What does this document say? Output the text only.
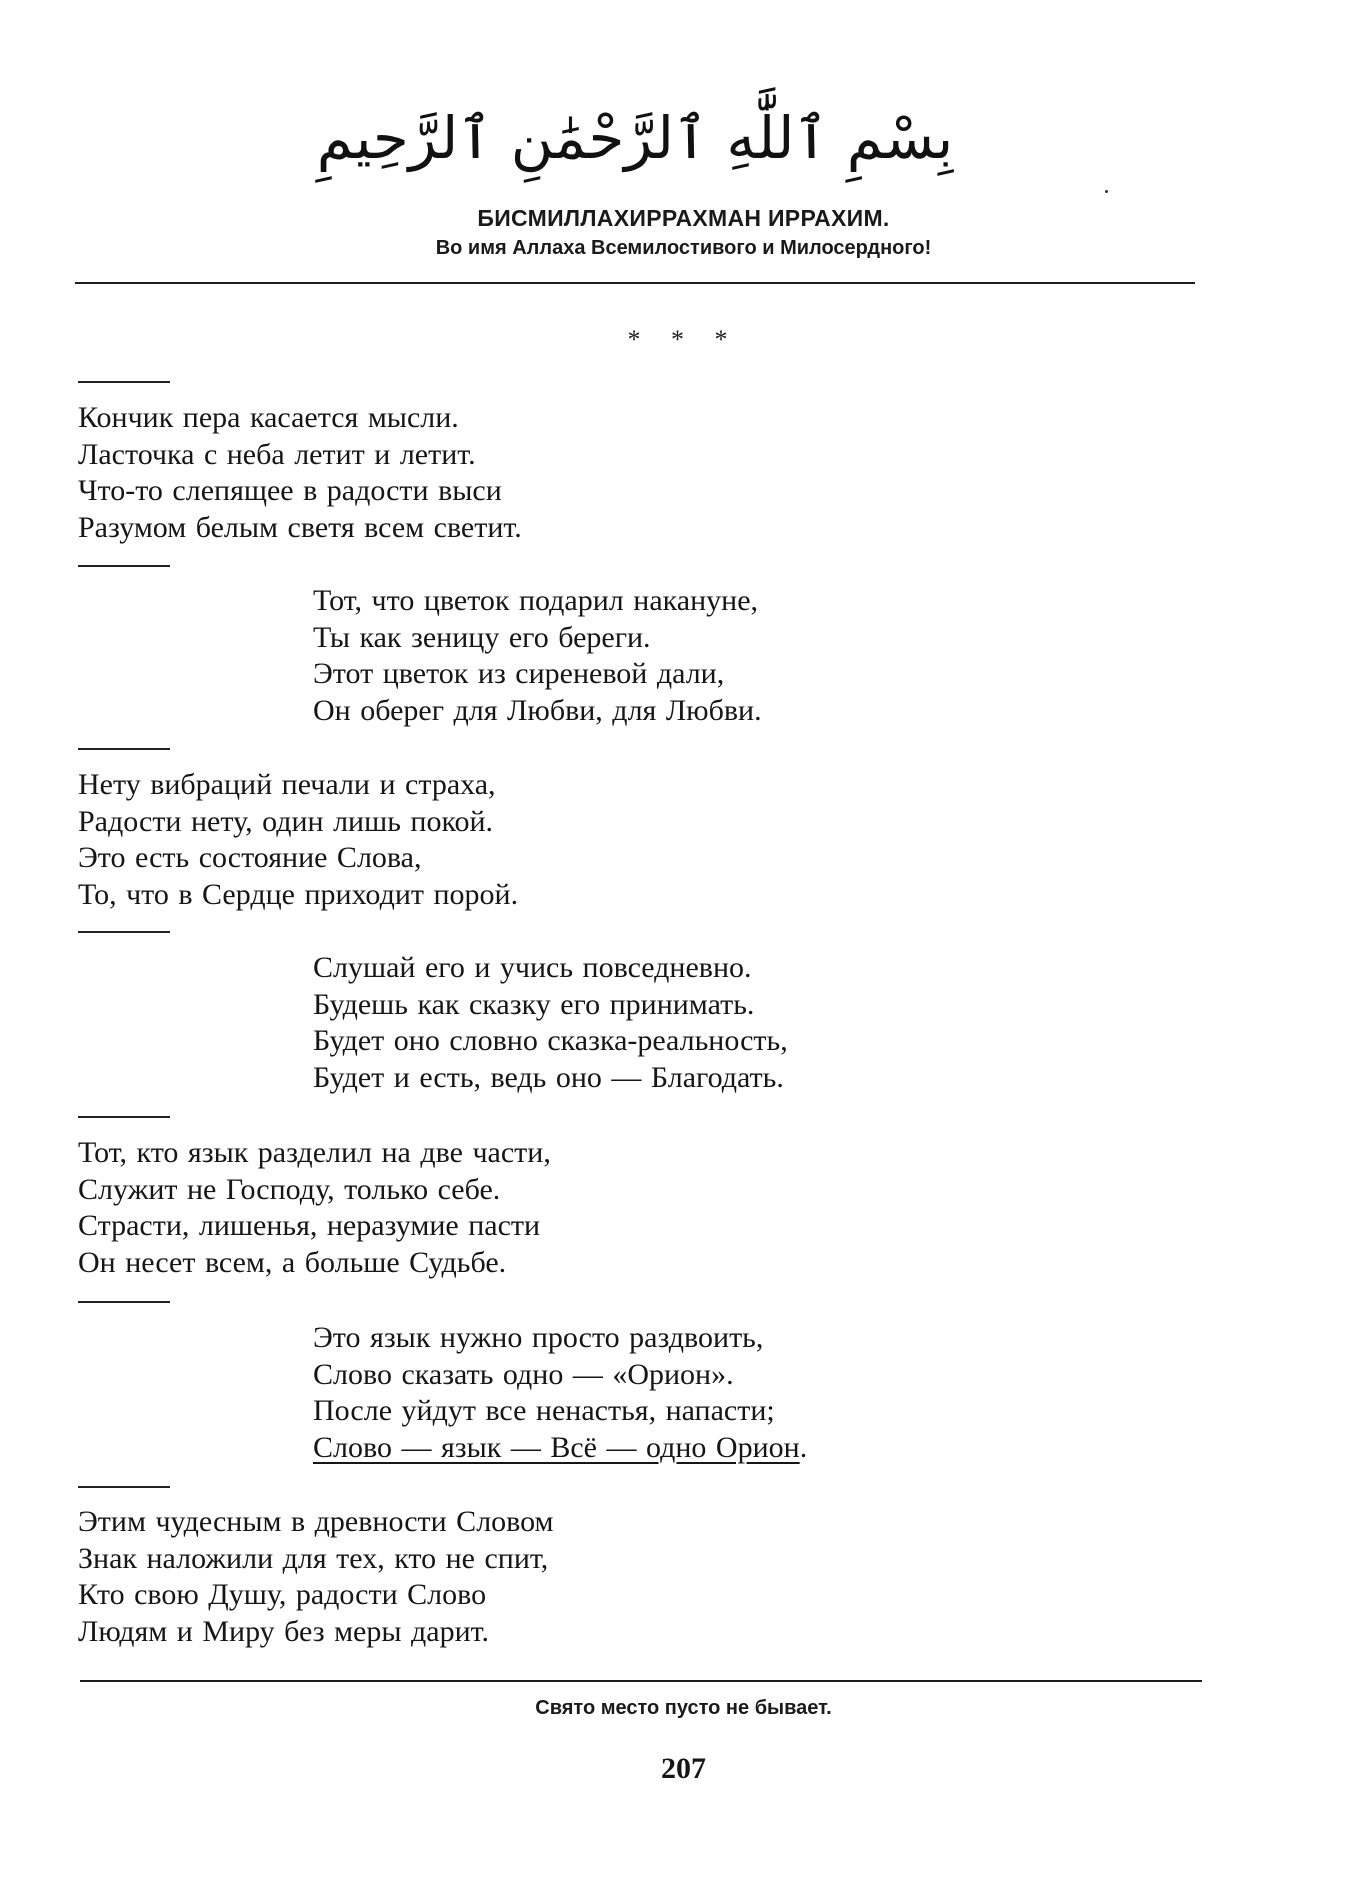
بِسْمِ ٱللَّٰهِ ٱلرَّحْمَٰنِ ٱلرَّحِيمِ
БИСМИЛЛАХИРРАХМАН ИРРАХИМ.
Во имя Аллаха Всемилостивого и Милосердного!
* * *
Кончик пера касается мысли.
Ласточка с неба летит и летит.
Что-то слепящее в радости выси
Разумом белым светя всем светит.
Тот, что цветок подарил накануне,
Ты как зеницу его береги.
Этот цветок из сиреневой дали,
Он оберег для Любви, для Любви.
Нету вибраций печали и страха,
Радости нету, один лишь покой.
Это есть состояние Слова,
То, что в Сердце приходит порой.
Слушай его и учись повседневно.
Будешь как сказку его принимать.
Будет оно словно сказка-реальность,
Будет и есть, ведь оно — Благодать.
Тот, кто язык разделил на две части,
Служит не Господу, только себе.
Страсти, лишенья, неразумие пасти
Он несет всем, а больше Судьбе.
Это язык нужно просто раздвоить,
Слово сказать одно — «Орион».
После уйдут все ненастья, напасти;
Слово — язык — Всё — одно Орион.
Этим чудесным в древности Словом
Знак наложили для тех, кто не спит,
Кто свою Душу, радости Слово
Людям и Миру без меры дарит.
Свято место пусто не бывает.
207
